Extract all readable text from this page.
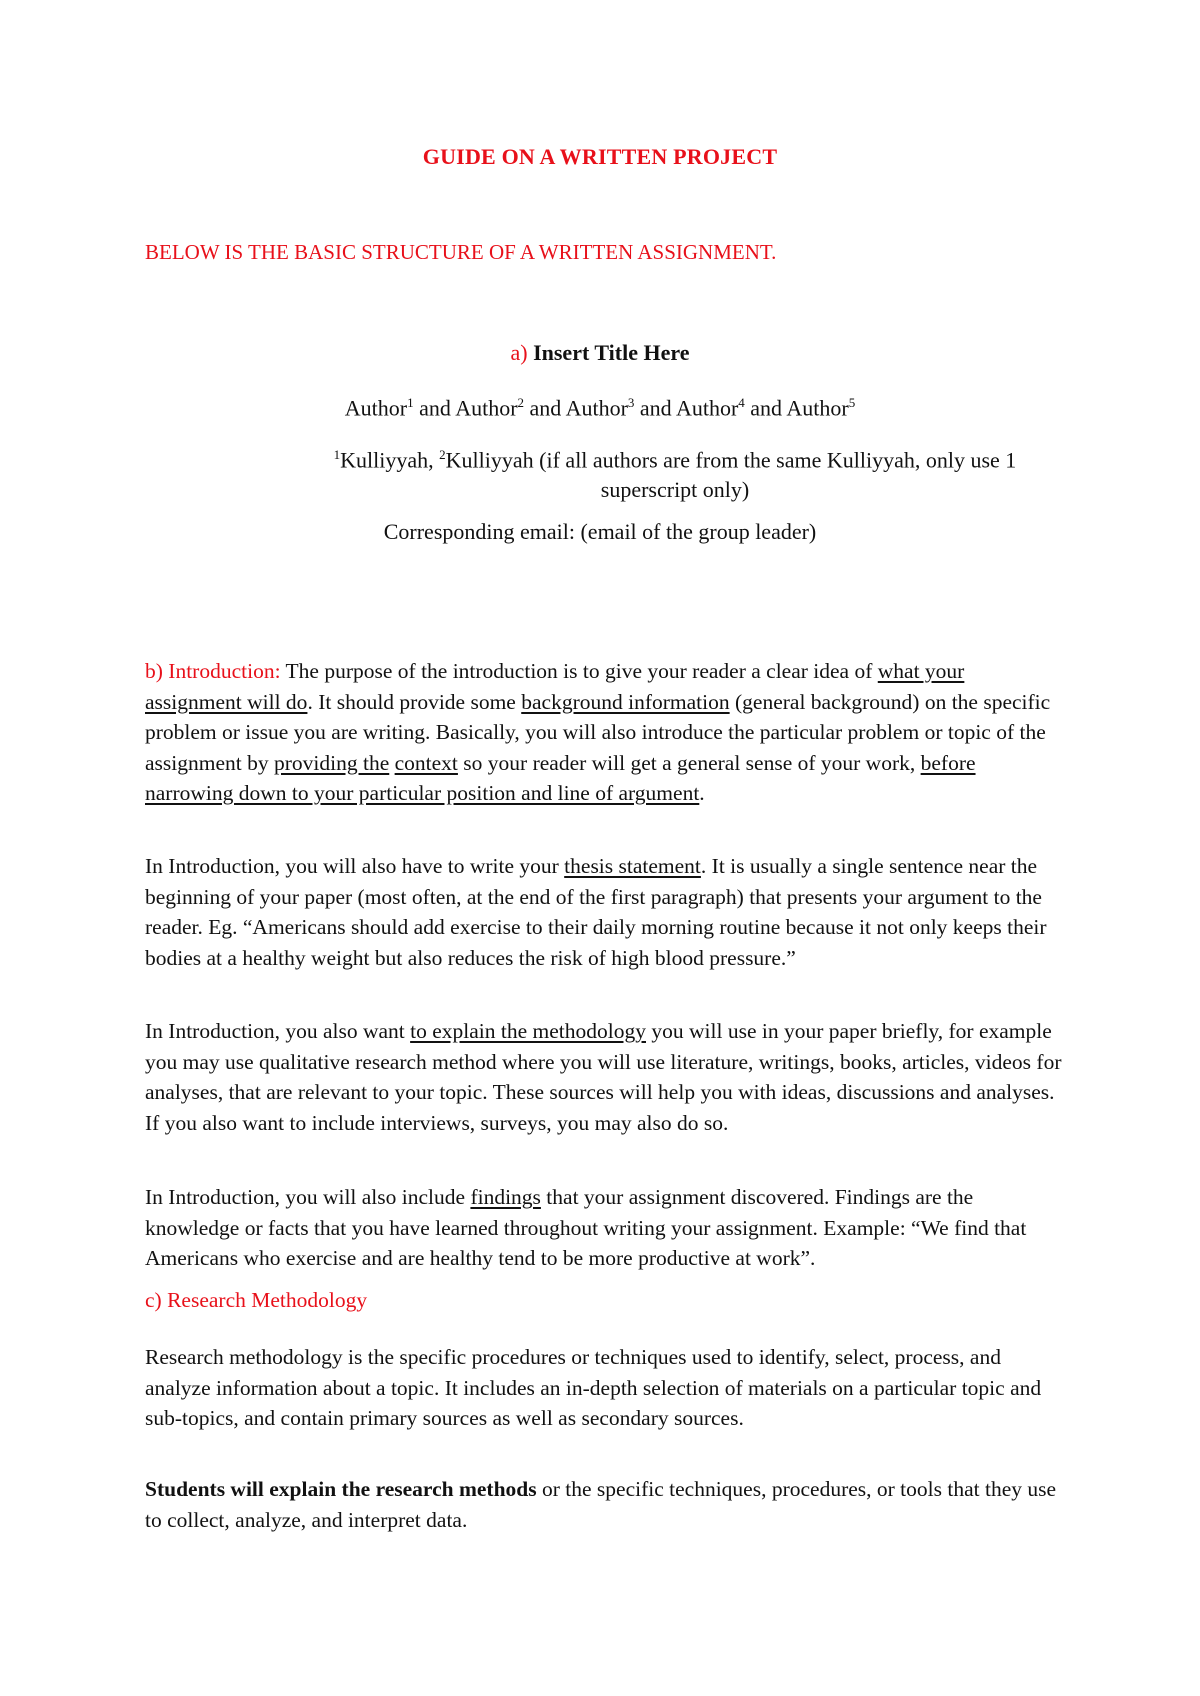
GUIDE ON A WRITTEN PROJECT
BELOW IS THE BASIC STRUCTURE OF A WRITTEN ASSIGNMENT.
a) Insert Title Here
Author$^1$ and Author$^2$ and Author$^3$ and Author$^4$ and Author$^5$
$^1$Kulliyyah, $^2$Kulliyyah (if all authors are from the same Kulliyyah, only use 1 superscript only)
Corresponding email: (email of the group leader)

b) Introduction: The purpose of the introduction is to give your reader a clear idea of what your assignment will do. It should provide some background information (general background) on the specific problem or issue you are writing. Basically, you will also introduce the particular problem or topic of the assignment by providing the context so your reader will get a general sense of your work, before narrowing down to your particular position and line of argument.

In Introduction, you will also have to write your thesis statement. It is usually a single sentence near the beginning of your paper (most often, at the end of the first paragraph) that presents your argument to the reader. Eg. “Americans should add exercise to their daily morning routine because it not only keeps their bodies at a healthy weight but also reduces the risk of high blood pressure.”

In Introduction, you also want to explain the methodology you will use in your paper briefly, for example you may use qualitative research method where you will use literature, writings, books, articles, videos for analyses, that are relevant to your topic. These sources will help you with ideas, discussions and analyses. If you also want to include interviews, surveys, you may also do so.

In Introduction, you will also include findings that your assignment discovered. Findings are the knowledge or facts that you have learned throughout writing your assignment. Example: “We find that Americans who exercise and are healthy tend to be more productive at work”.

c) Research Methodology
Research methodology is the specific procedures or techniques used to identify, select, process, and analyze information about a topic. It includes an in-depth selection of materials on a particular topic and sub-topics, and contain primary sources as well as secondary sources.

Students will explain the research methods or the specific techniques, procedures, or tools that they use to collect, analyze, and interpret data.
